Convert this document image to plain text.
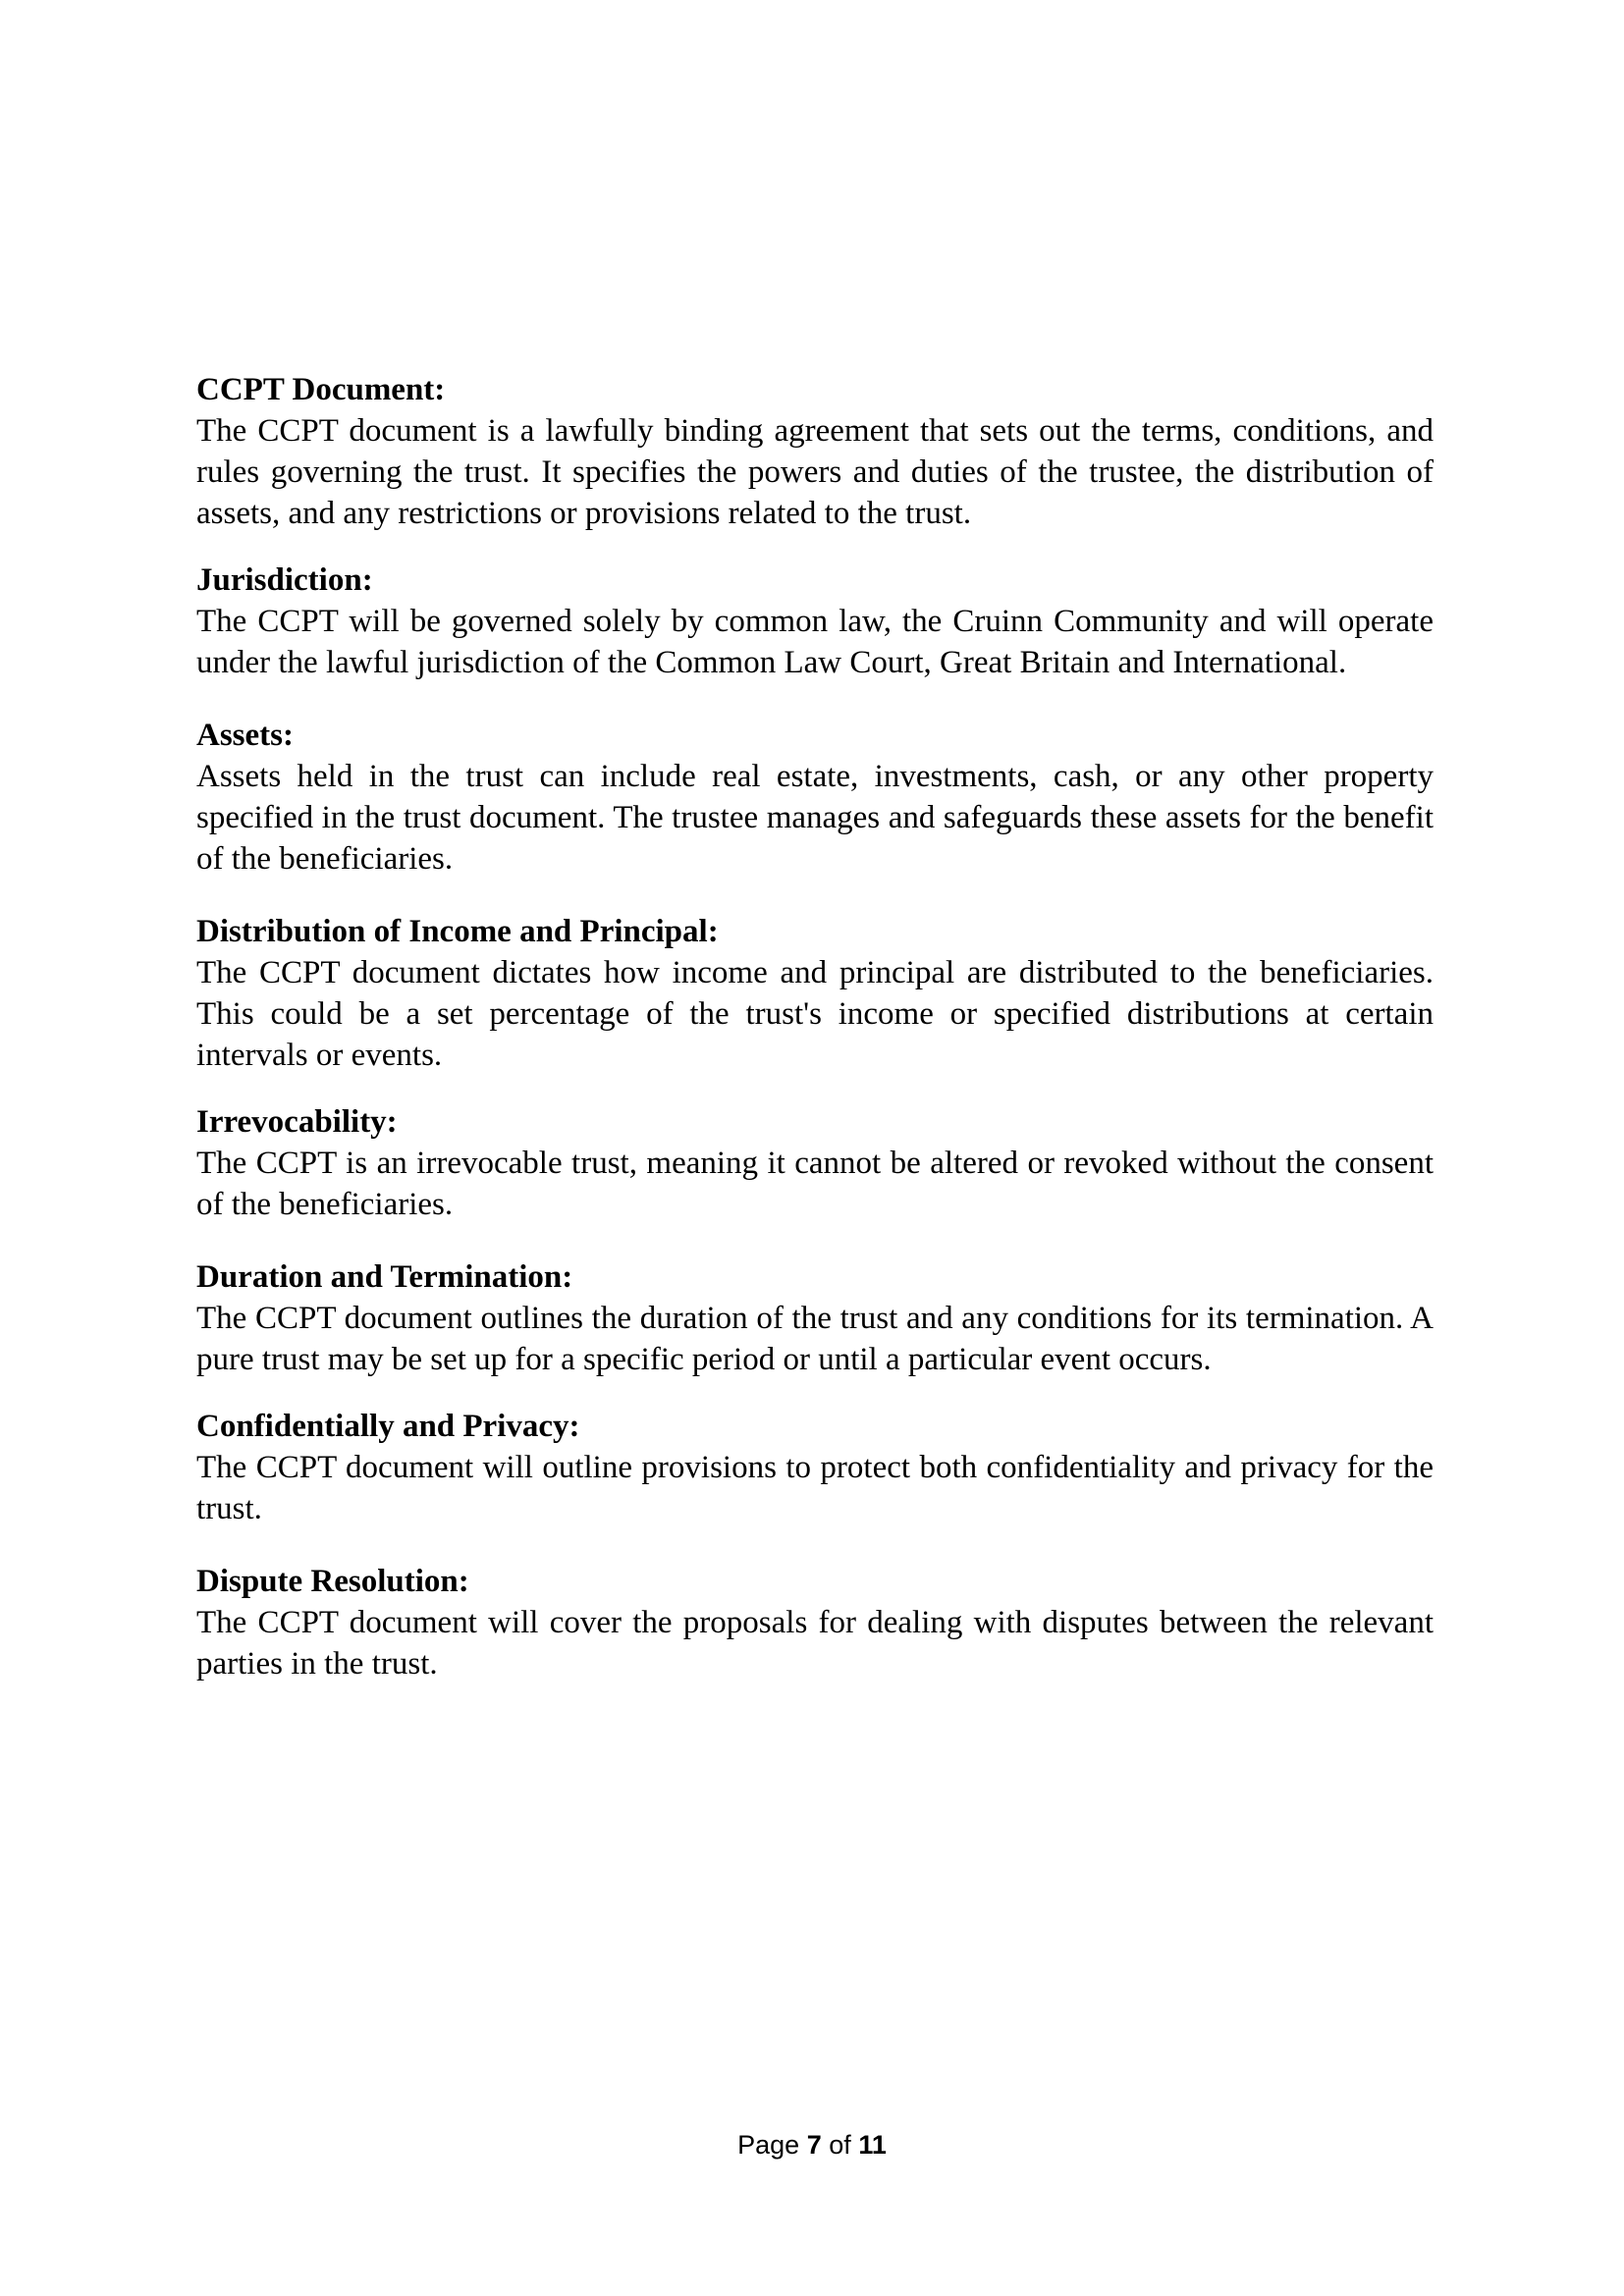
CCPT Document:

The CCPT document is a lawfully binding agreement that sets out the terms, conditions, and rules governing the trust. It specifies the powers and duties of the trustee, the distribution of assets, and any restrictions or provisions related to the trust.

Jurisdiction:

The CCPT will be governed solely by common law, the Cruinn Community and will operate under the lawful jurisdiction of the Common Law Court, Great Britain and International.

Assets:

Assets held in the trust can include real estate, investments, cash, or any other property specified in the trust document. The trustee manages and safeguards these assets for the benefit of the beneficiaries.

Distribution of Income and Principal:

The CCPT document dictates how income and principal are distributed to the beneficiaries. This could be a set percentage of the trust's income or specified distributions at certain intervals or events.

Irrevocability:

The CCPT is an irrevocable trust, meaning it cannot be altered or revoked without the consent of the beneficiaries.

Duration and Termination:

The CCPT document outlines the duration of the trust and any conditions for its termination. A pure trust may be set up for a specific period or until a particular event occurs.

Confidentially and Privacy:

The CCPT document will outline provisions to protect both confidentiality and privacy for the trust.

Dispute Resolution:

The CCPT document will cover the proposals for dealing with disputes between the relevant parties in the trust.

Page 7 of 11
